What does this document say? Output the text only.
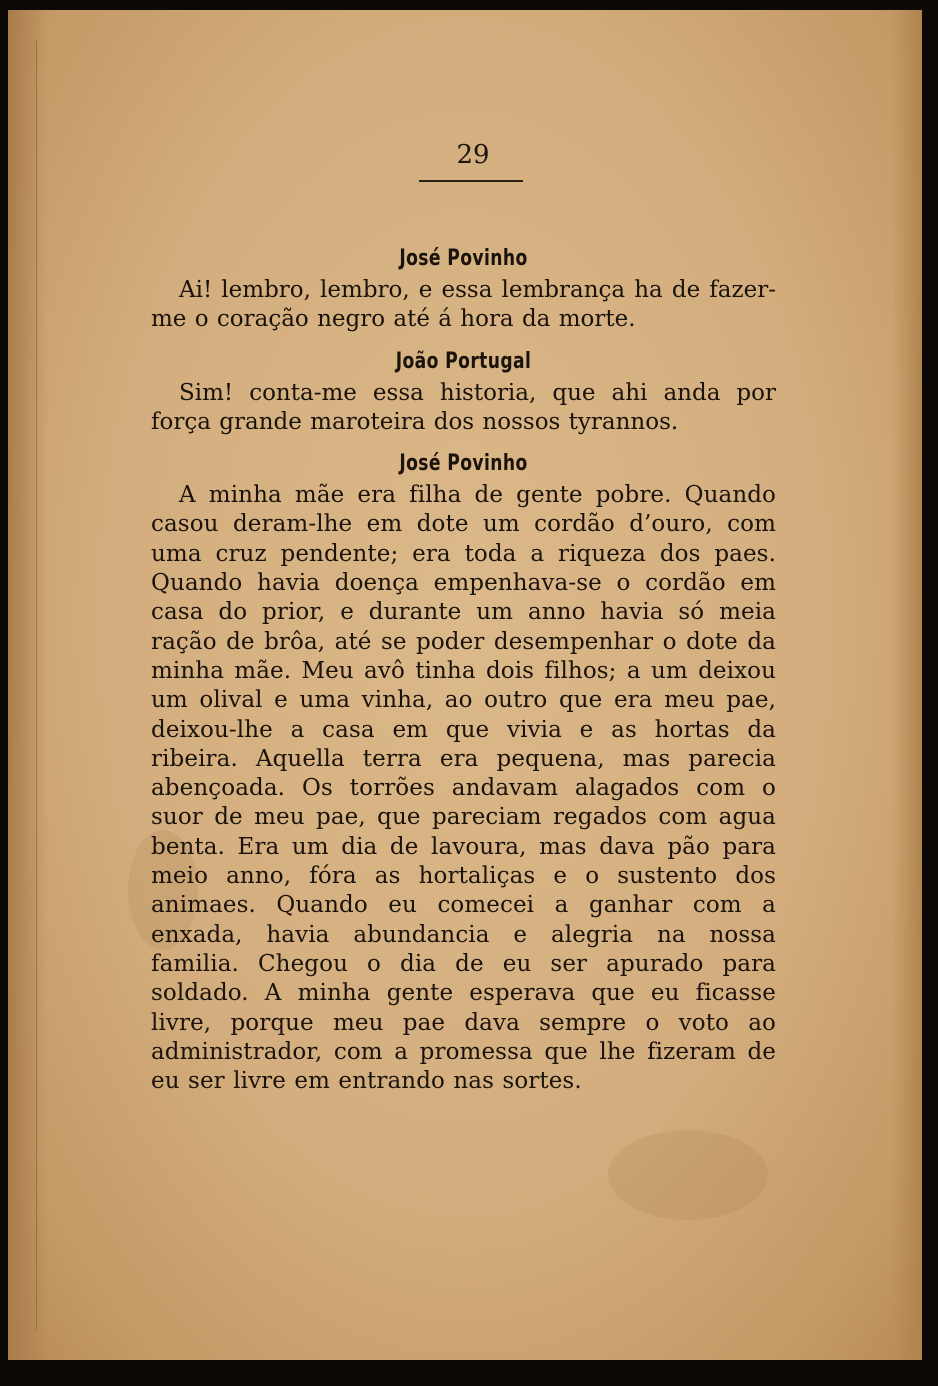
29

José Povinho

Ai! lembro, lembro, e essa lembrança ha de fazer-me o coração negro até á hora da morte.

João Portugal

Sim! conta-me essa historia, que ahi anda por força grande maroteira dos nossos tyrannos.

José Povinho

A minha mãe era filha de gente pobre. Quando casou deram-lhe em dote um cordão d’ouro, com uma cruz pendente; era toda a riqueza dos paes. Quando havia doença empenhava-se o cordão em casa do prior, e durante um anno havia só meia ração de brôa, até se poder desempenhar o dote da minha mãe. Meu avô tinha dois filhos; a um deixou um olival e uma vinha, ao outro que era meu pae, deixou-lhe a casa em que vivia e as hortas da ribeira. Aquella terra era pequena, mas parecia abençoada. Os torrões andavam alagados com o suor de meu pae, que pareciam regados com agua benta. Era um dia de lavoura, mas dava pão para meio anno, fóra as hortaliças e o sustento dos animaes. Quando eu comecei a ganhar com a enxada, havia abundancia e alegria na nossa familia. Chegou o dia de eu ser apurado para soldado. A minha gente esperava que eu ficasse livre, porque meu pae dava sempre o voto ao administrador, com a promessa que lhe fizeram de eu ser livre em entrando nas sortes.
